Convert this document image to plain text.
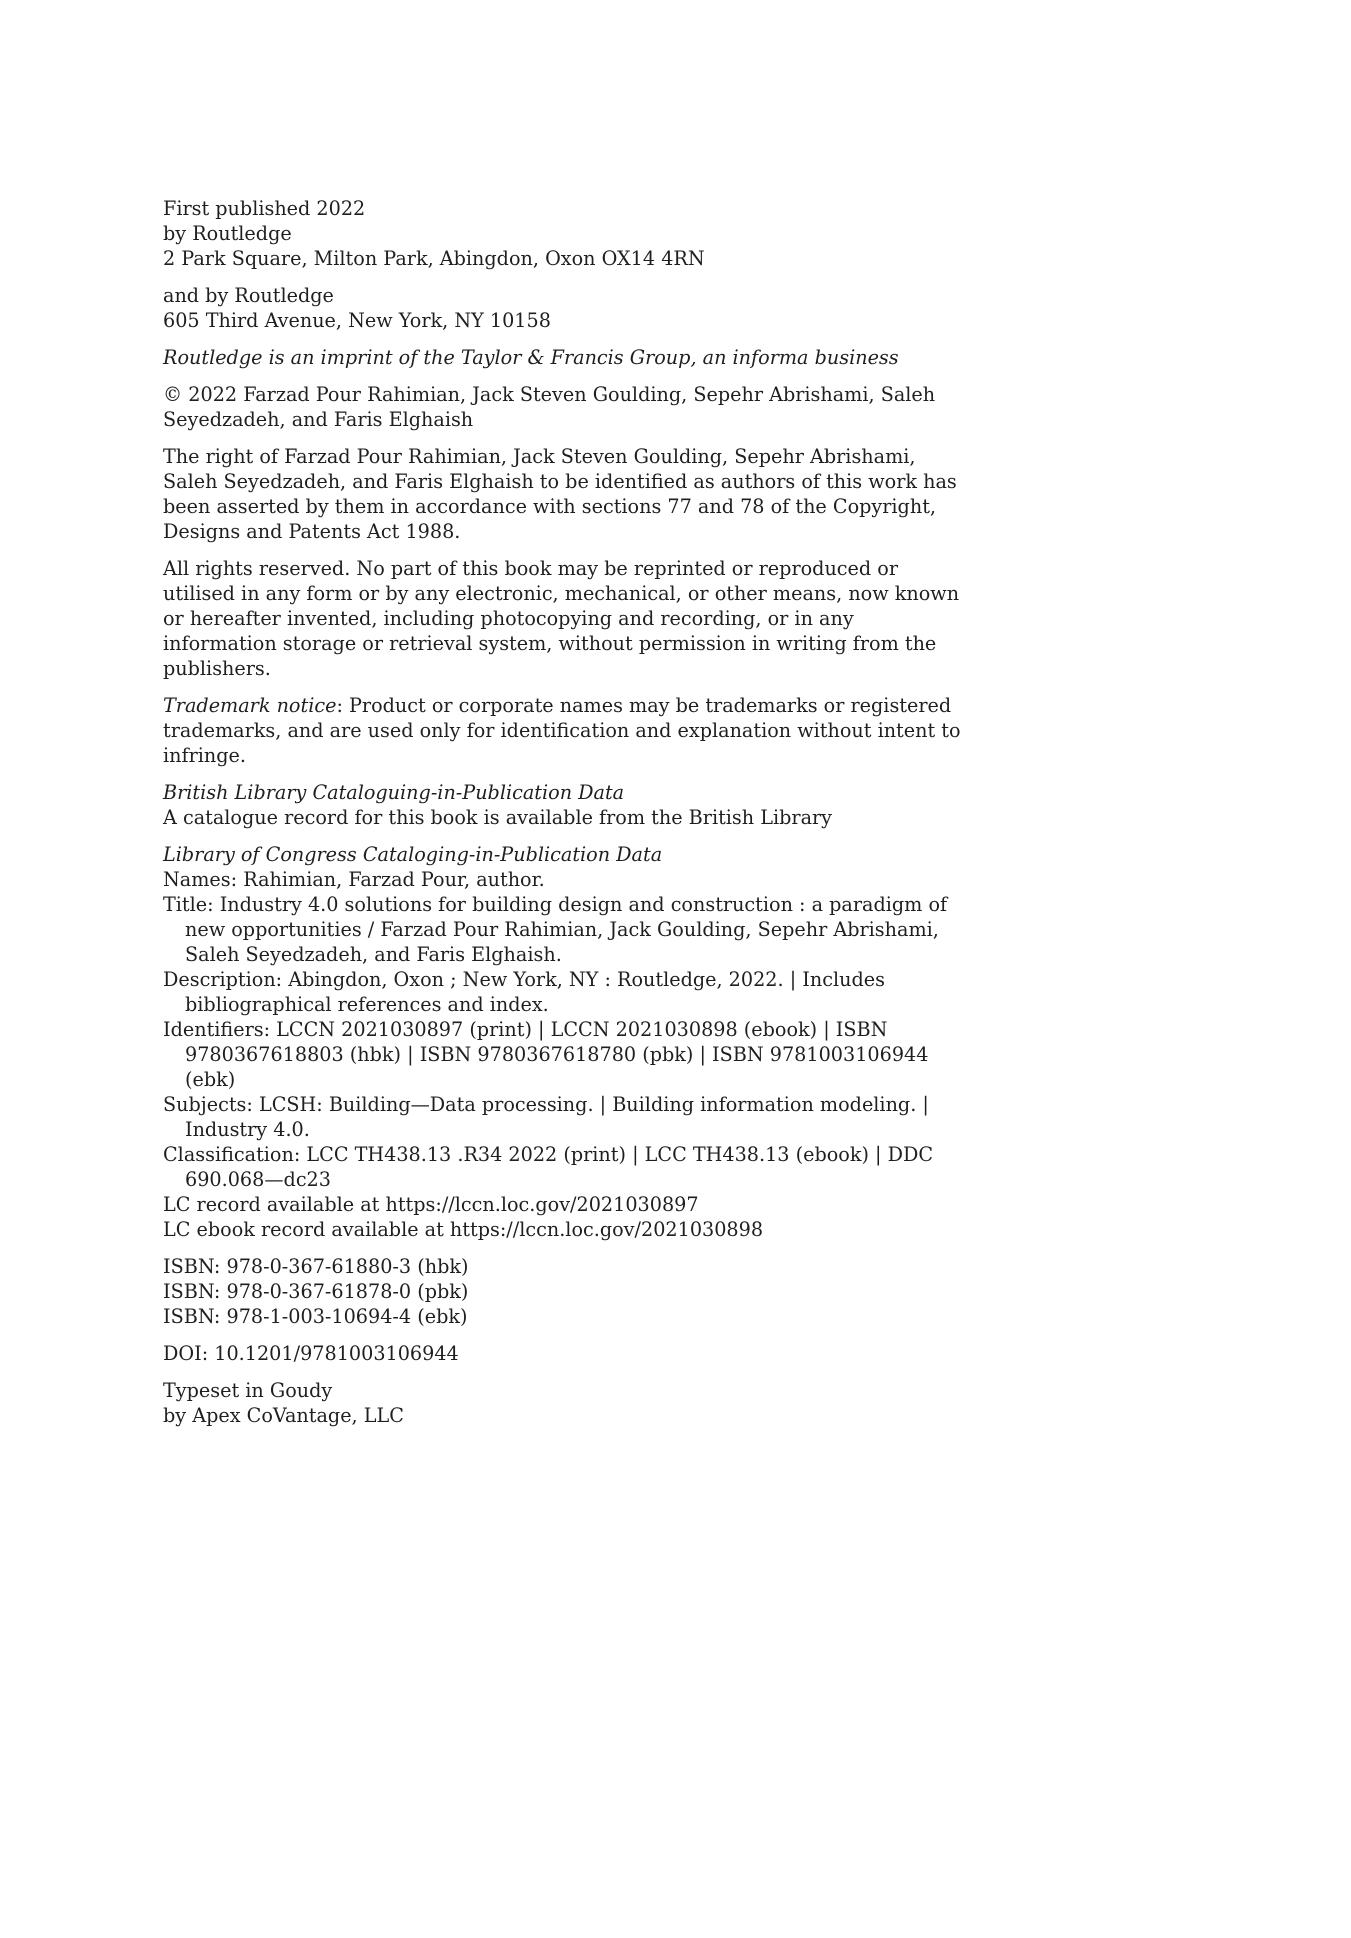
First published 2022
by Routledge
2 Park Square, Milton Park, Abingdon, Oxon OX14 4RN
and by Routledge
605 Third Avenue, New York, NY 10158
Routledge is an imprint of the Taylor & Francis Group, an informa business
© 2022 Farzad Pour Rahimian, Jack Steven Goulding, Sepehr Abrishami, Saleh Seyedzadeh, and Faris Elghaish
The right of Farzad Pour Rahimian, Jack Steven Goulding, Sepehr Abrishami, Saleh Seyedzadeh, and Faris Elghaish to be identified as authors of this work has been asserted by them in accordance with sections 77 and 78 of the Copyright, Designs and Patents Act 1988.
All rights reserved. No part of this book may be reprinted or reproduced or utilised in any form or by any electronic, mechanical, or other means, now known or hereafter invented, including photocopying and recording, or in any information storage or retrieval system, without permission in writing from the publishers.
Trademark notice: Product or corporate names may be trademarks or registered trademarks, and are used only for identification and explanation without intent to infringe.
British Library Cataloguing-in-Publication Data
A catalogue record for this book is available from the British Library
Library of Congress Cataloging-in-Publication Data
Names: Rahimian, Farzad Pour, author.
Title: Industry 4.0 solutions for building design and construction : a paradigm of new opportunities / Farzad Pour Rahimian, Jack Goulding, Sepehr Abrishami, Saleh Seyedzadeh, and Faris Elghaish.
Description: Abingdon, Oxon ; New York, NY : Routledge, 2022. | Includes bibliographical references and index.
Identifiers: LCCN 2021030897 (print) | LCCN 2021030898 (ebook) | ISBN 9780367618803 (hbk) | ISBN 9780367618780 (pbk) | ISBN 9781003106944 (ebk)
Subjects: LCSH: Building—Data processing. | Building information modeling. | Industry 4.0.
Classification: LCC TH438.13 .R34 2022 (print) | LCC TH438.13 (ebook) | DDC 690.068—dc23
LC record available at https://lccn.loc.gov/2021030897
LC ebook record available at https://lccn.loc.gov/2021030898
ISBN: 978-0-367-61880-3 (hbk)
ISBN: 978-0-367-61878-0 (pbk)
ISBN: 978-1-003-10694-4 (ebk)
DOI: 10.1201/9781003106944
Typeset in Goudy
by Apex CoVantage, LLC
